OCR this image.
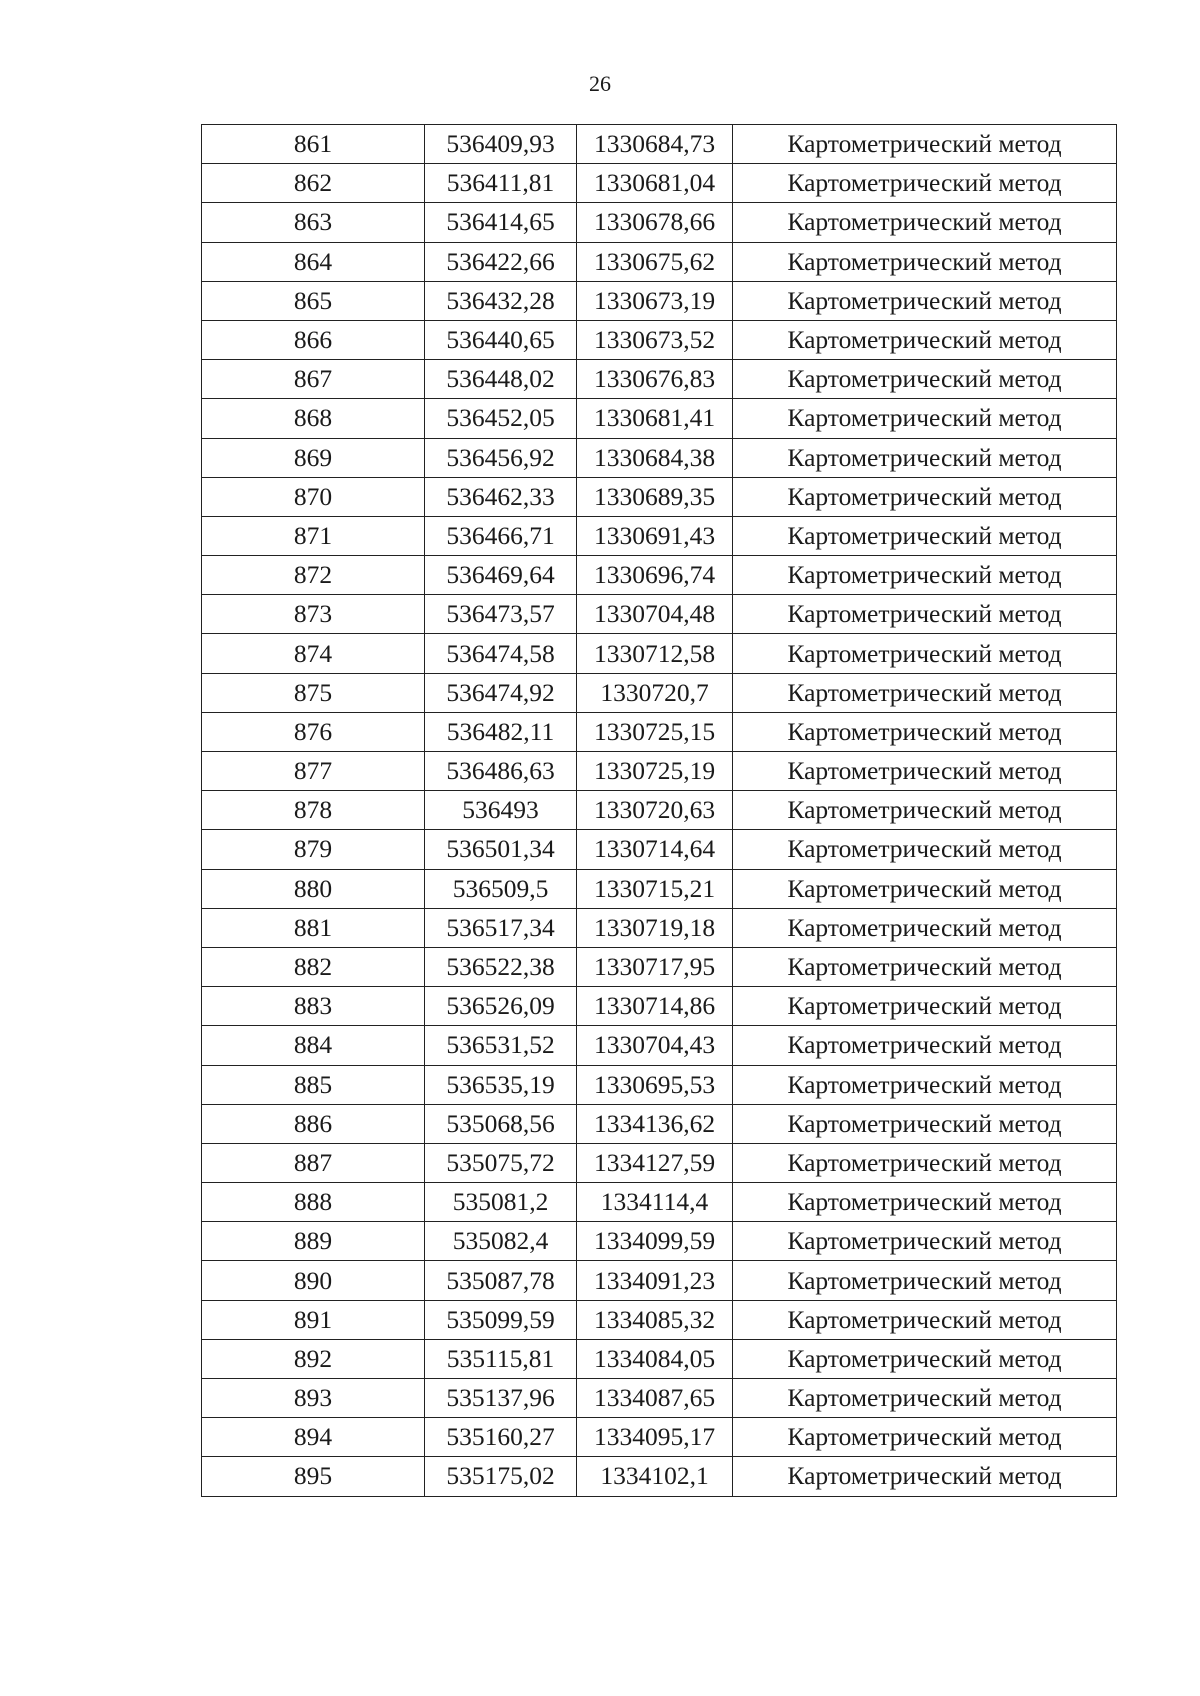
26
861	536409,93	1330684,73	Картометрический метод
862	536411,81	1330681,04	Картометрический метод
863	536414,65	1330678,66	Картометрический метод
864	536422,66	1330675,62	Картометрический метод
865	536432,28	1330673,19	Картометрический метод
866	536440,65	1330673,52	Картометрический метод
867	536448,02	1330676,83	Картометрический метод
868	536452,05	1330681,41	Картометрический метод
869	536456,92	1330684,38	Картометрический метод
870	536462,33	1330689,35	Картометрический метод
871	536466,71	1330691,43	Картометрический метод
872	536469,64	1330696,74	Картометрический метод
873	536473,57	1330704,48	Картометрический метод
874	536474,58	1330712,58	Картометрический метод
875	536474,92	1330720,7	Картометрический метод
876	536482,11	1330725,15	Картометрический метод
877	536486,63	1330725,19	Картометрический метод
878	536493	1330720,63	Картометрический метод
879	536501,34	1330714,64	Картометрический метод
880	536509,5	1330715,21	Картометрический метод
881	536517,34	1330719,18	Картометрический метод
882	536522,38	1330717,95	Картометрический метод
883	536526,09	1330714,86	Картометрический метод
884	536531,52	1330704,43	Картометрический метод
885	536535,19	1330695,53	Картометрический метод
886	535068,56	1334136,62	Картометрический метод
887	535075,72	1334127,59	Картометрический метод
888	535081,2	1334114,4	Картометрический метод
889	535082,4	1334099,59	Картометрический метод
890	535087,78	1334091,23	Картометрический метод
891	535099,59	1334085,32	Картометрический метод
892	535115,81	1334084,05	Картометрический метод
893	535137,96	1334087,65	Картометрический метод
894	535160,27	1334095,17	Картометрический метод
895	535175,02	1334102,1	Картометрический метод
